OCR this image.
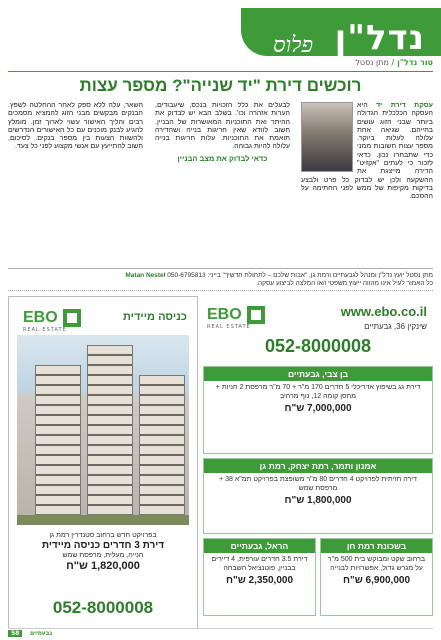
נדל"ן
פלוס
טור נדל"ן / מתן נסטל
רוכשים דירת "יד שנייה"? מספר עצות
עסקת דירת יד היא העסקה הכלכלית הגדולה ביותר שבני הזוג עושים בחייהם. שגיאה אחת עלולה לעלות ביוקר. מספר עצות חשובות ממני כדי שתבחרו נכון. כדאי לזכור כי לעתים "אקזיט" הדירה מייצגת את ההשקעה ולכן יש לבדוק כל פרט ולבצע בדיקות מקיפות של ממש לפני החתימה על ההסכם.
לבעלים את כלל הזכויות בנכס, שיעבודים, הערות אזהרה וכו'. בשלב הבא יש לבדוק את ההיתר ואת התוכניות המאושרות של הבניין. חשוב לוודא שאין חריגות בנייה ושהדירה תואמת את התוכניות. עלות חריגות בנייה עלולה להיות גבוהה.
כדאי לבדוק את מצב הבניין
השאר, עלה ללא ספק לאחר ההחלטה לשפץ. הבנקים מבקשים מבני הזוג להמציא מסמכים רבים והליך האישור עשוי לארוך זמן. מומלץ להגיע לבנק מוכנים עם כל האישורים הנדרשים ולהשוות הצעות בין מספר בנקים. לסיכום, חשוב להתייעץ עם אנשי מקצוע לפני כל צעד.
מתן נסטל יועץ נדל"ן ומנהל לגבעתיים ורמת גן, "אבות שלכם – לתחולת חדשיך" בייני: 050-6795813 Matan Nestel
כל האמור לעיל אינו מהווה ייעוץ משפטי ו/או המלצה לביצוע עסקה.
EBO
REAL ESTATE
כניסה מיידית
בפרויקט חדש ברחוב סטנדרין רמת גן
דירת 3 חדרים כניסה מיידית
חנייה, מעלית, מרפסת שמש
1,820,000 ש"ח
052-8000008
EBO
REAL ESTATE
www.ebo.co.il
שינקין 36, גבעתיים
052-8000008
בן צבי, גבעתיים
דירת גג בשיפוץ אדריכלי 5 חדרים 170 מ"ר + 70 מ"ר מרפסת 2 חניות + מחסן קומה 12, נוף מרהיב
7,000,000 ש"ח
אמנון ותמר, רמת יצחק, רמת גן
דירה חזיתית לפרויקט 4 חדרים 80 מ"ר משופצת בפרויקט תמ"א 38 + מרפסת שמש
1,800,000 ש"ח
בשכונת רמת חן
ברחוב שקט ומבוקש בית 500 מ"ר על מגרש גדול, אפשרויות לבנייה
6,900,000 ש"ח
הראל, גבעתיים
דירת 3.5 חדרים עורפית, 4 דיירים בבניין, פוטנציאל השבחה
2,350,000 ש"ח
58	גבעתיים
